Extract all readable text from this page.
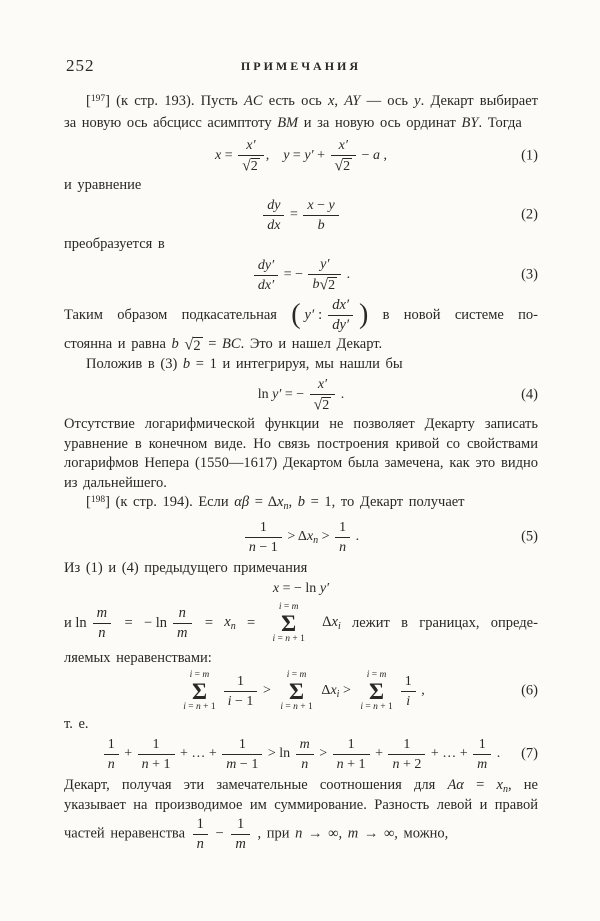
252	ПРИМЕЧАНИЯ

[$^{197}$] (к стр. 193). Пусть AC есть ось x, AY — ось y. Декарт выбирает за новую ось абсцисс асимптоту BM и за новую ось ординат BY. Тогда

$x = \frac{x'}{√ 2}$ ,  $y = y' + \frac{x'}{√ 2} - a$ ,	(1)

и уравнение

$\frac{dy}{dx} = \frac{x - y}{b}$	(2)

преобразуется в

$\frac{dy'}{dx'}$ = − $\frac{y'}{b √ 2}$ .	(3)
Таким образом подкасательная ( y′ : $\frac{dx'}{dy'}$ ) в новой системе по-

стоянна и равна b √ 2 = BC. Это и нашел Декарт.

Положив в (3) b = 1 и интегрируя, мы нашли бы

ln y′ = − $\frac{x'}{√ 2}$ .	(4)

Отсутствие логарифмической функции не позволяет Декарту записать уравнение в конечном виде. Но связь построения кривой со свойствами логарифмов Непера (1550—1617) Декартом была замечена, как это видно из дальнейшего.

[$^{198}$] (к стр. 194). Если $\alpha\beta = \Delta x_n$, b = 1, то Декарт получает

$\frac{1}{n - 1} > \Delta x_n > \frac{1}{n}$ .	(5)

Из (1) и (4) предыдущего примечания

x = − ln y′
и $\ln \frac{m}{n}$ = − $\ln \frac{n}{m} = x$ n =
i = m
Σ
i = n + 1
Δ x i лежит в границах, опреде-

ляемых неравенствами:

i = m
Σ
$i = n + 1 \frac{1}{i - 1}$ >
i = m
Σ
i = n + 1
$\Delta x_i$ >
i = m
Σ
$i = n + 1 \frac{1}{i}$ ,	(6)

т. е.

$\frac{1}{n} + \frac{1}{n + 1}$ + … + $\frac{1}{m - 1} > \ln \frac{m}{n} > \frac{1}{n + 1} + \frac{1}{n + 2}$ + … + $\frac{1}{m}$ . (7)

Декарт, получая эти замечательные соотношения для $A\alpha = x_n$, не указывает на производимое им суммирование. Разность левой и правой частей неравенства $\frac{1}{n} - \frac{1}{m}$ , при n → ∞, m → ∞, можно,
